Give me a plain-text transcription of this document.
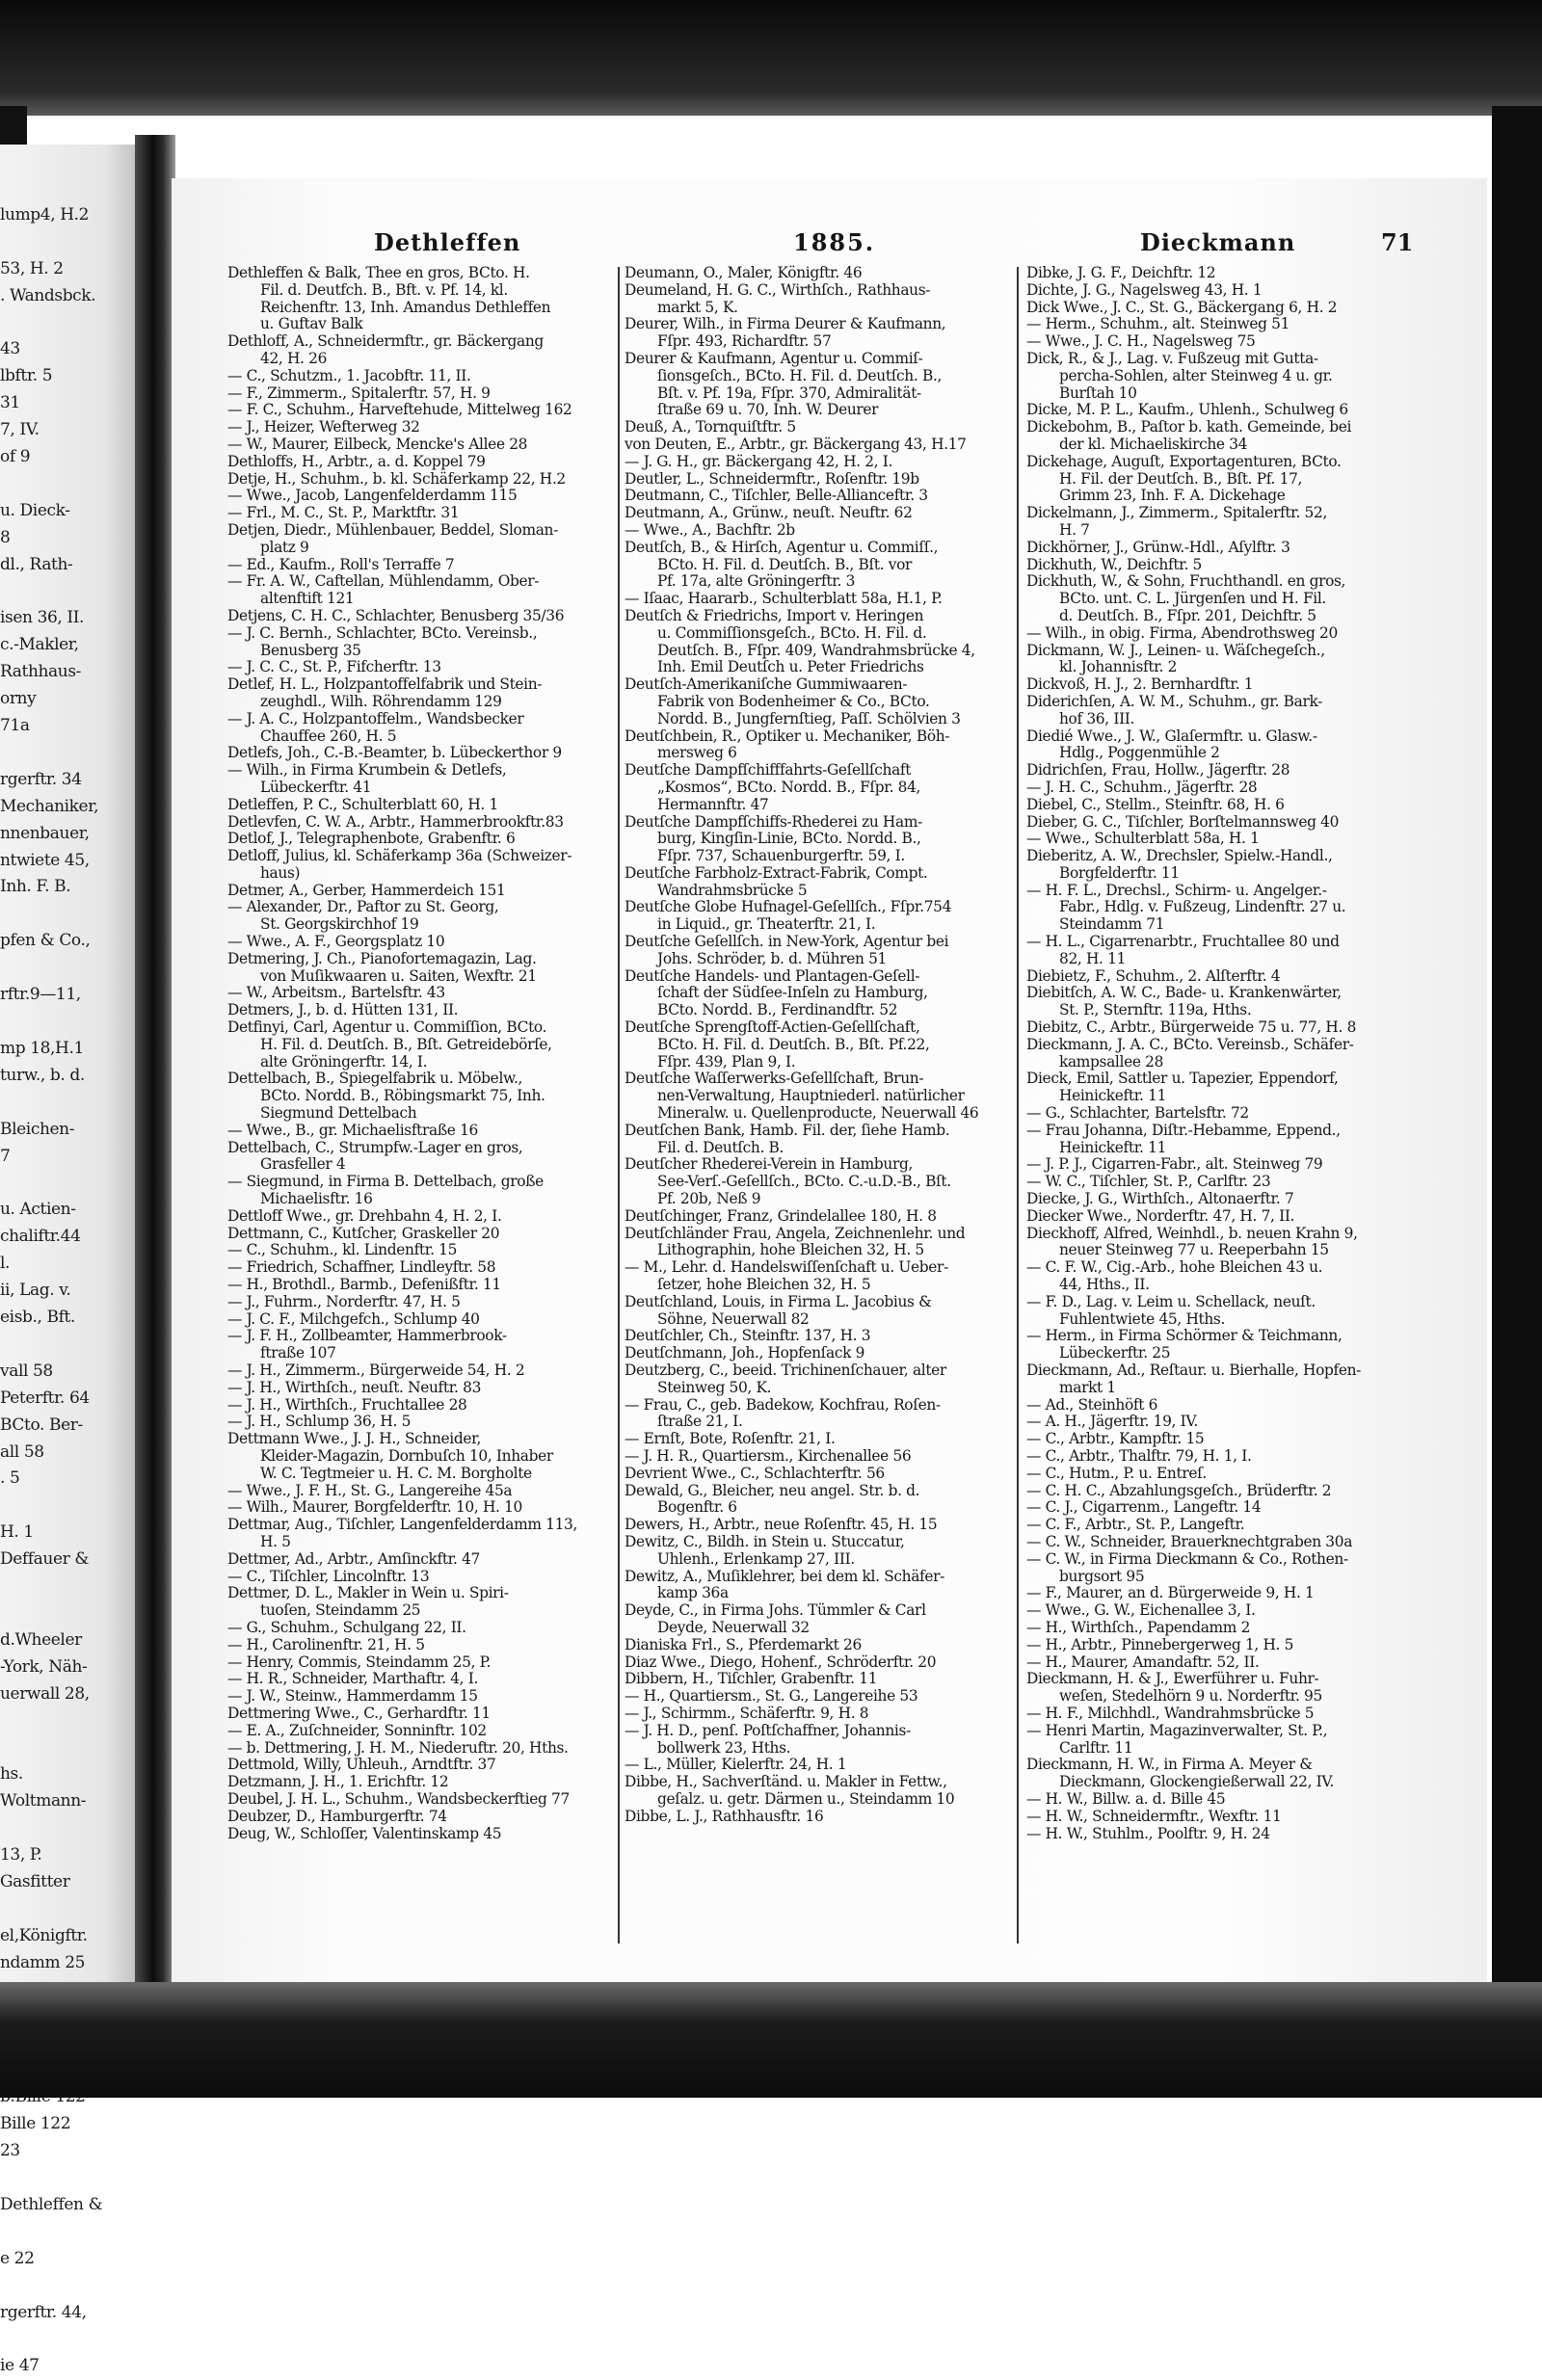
lump4, H.2

53, H. 2
. Wandsbck.

43
lbftr. 5
31
7, IV.
of 9

u. Dieck-
8
dl., Rath-

isen 36, II.
c.-Makler,
Rathhaus-
orny
71a

rgerftr. 34
Mechaniker,
nnenbauer,
ntwiete 45,
Inh. F. B.

pfen & Co.,

rftr.9—11,

mp 18,H.1
turw., b. d.

Bleichen-
7

u. Actien-
chaliftr.44
l.
ii, Lag. v.
eisb., Bft.

vall 58
Peterftr. 64
BCto. Ber-
all 58
. 5

H. 1
Deffauer &

d.Wheeler
-York, Näh-
uerwall 28,

hs.
Woltmann-

13, P.
Gasfitter

el,Königftr.
ndamm 25

Bille 122
23

Dethleffen &

e 22

rgerftr. 44,

ie 47
Dethleffen	1885.	Dieckmann	71
Dethleffen & Balk, Thee en gros, BCto. H.
Fil. d. Deutfch. B., Bft. v. Pf. 14, kl.
Reichenftr. 13, Inh. Amandus Dethleffen
u. Guftav Balk
Dethloff, A., Schneidermftr., gr. Bäckergang
42, H. 26
— C., Schutzm., 1. Jacobftr. 11, II.
— F., Zimmerm., Spitalerftr. 57, H. 9
— F. C., Schuhm., Harveftehude, Mittelweg 162
— J., Heizer, Wefterweg 32
— W., Maurer, Eilbeck, Mencke's Allee 28
Dethloffs, H., Arbtr., a. d. Koppel 79
Detje, H., Schuhm., b. kl. Schäferkamp 22, H.2
— Wwe., Jacob, Langenfelderdamm 115
— Frl., M. C., St. P., Marktftr. 31
Detjen, Diedr., Mühlenbauer, Beddel, Sloman-
platz 9
— Ed., Kaufm., Roll's Terraffe 7
— Fr. A. W., Caftellan, Mühlendamm, Ober-
altenftift 121
Detjens, C. H. C., Schlachter, Benusberg 35/36
— J. C. Bernh., Schlachter, BCto. Vereinsb.,
Benusberg 35
— J. C. C., St. P., Fifcherftr. 13
Detlef, H. L., Holzpantoffelfabrik und Stein-
zeughdl., Wilh. Röhrendamm 129
— J. A. C., Holzpantoffelm., Wandsbecker
Chauffee 260, H. 5
Detlefs, Joh., C.-B.-Beamter, b. Lübeckerthor 9
— Wilh., in Firma Krumbein & Detlefs,
Lübeckerftr. 41
Detleffen, P. C., Schulterblatt 60, H. 1
Detlevfen, C. W. A., Arbtr., Hammerbrookftr.83
Detlof, J., Telegraphenbote, Grabenftr. 6
Detloff, Julius, kl. Schäferkamp 36a (Schweizer-
haus)
Detmer, A., Gerber, Hammerdeich 151
— Alexander, Dr., Paftor zu St. Georg,
St. Georgskirchhof 19
— Wwe., A. F., Georgsplatz 10
Detmering, J. Ch., Pianofortemagazin, Lag.
von Muſikwaaren u. Saiten, Wexftr. 21
— W., Arbeitsm., Bartelsftr. 43
Detmers, J., b. d. Hütten 131, II.
Detfinyi, Carl, Agentur u. Commiſſion, BCto.
H. Fil. d. Deutſch. B., Bſt. Getreidebörſe,
alte Gröningerftr. 14, I.
Dettelbach, B., Spiegelfabrik u. Möbelw.,
BCto. Nordd. B., Röbingsmarkt 75, Inh.
Siegmund Dettelbach
— Wwe., B., gr. Michaelisftraße 16
Dettelbach, C., Strumpfw.-Lager en gros,
Grasfeller 4
— Siegmund, in Firma B. Dettelbach, große
Michaelisftr. 16
Dettloff Wwe., gr. Drehbahn 4, H. 2, I.
Dettmann, C., Kutſcher, Graskeller 20
— C., Schuhm., kl. Lindenftr. 15
— Friedrich, Schaffner, Lindleyftr. 58
— H., Brothdl., Barmb., Defenißftr. 11
— J., Fuhrm., Norderftr. 47, H. 5
— J. C. F., Milchgefch., Schlump 40
— J. F. H., Zollbeamter, Hammerbrook-
ftraße 107
— J. H., Zimmerm., Bürgerweide 54, H. 2
— J. H., Wirthſch., neuſt. Neuftr. 83
— J. H., Wirthſch., Fruchtallee 28
— J. H., Schlump 36, H. 5
Dettmann Wwe., J. J. H., Schneider,
Kleider-Magazin, Dornbuſch 10, Inhaber
W. C. Tegtmeier u. H. C. M. Borgholte
— Wwe., J. F. H., St. G., Langereihe 45a
— Wilh., Maurer, Borgfelderftr. 10, H. 10
Dettmar, Aug., Tiſchler, Langenfelderdamm 113,
H. 5
Dettmer, Ad., Arbtr., Amſinckftr. 47
— C., Tiſchler, Lincolnftr. 13
Dettmer, D. L., Makler in Wein u. Spiri-
tuoſen, Steindamm 25
— G., Schuhm., Schulgang 22, II.
— H., Carolinenftr. 21, H. 5
— Henry, Commis, Steindamm 25, P.
— H. R., Schneider, Marthaftr. 4, I.
— J. W., Steinw., Hammerdamm 15
Dettmering Wwe., C., Gerhardftr. 11
— E. A., Zuſchneider, Sonninftr. 102
— b. Dettmering, J. H. M., Niederuftr. 20, Hths.
Dettmold, Willy, Uhleuh., Arndtftr. 37
Detzmann, J. H., 1. Erichftr. 12
Deubel, J. H. L., Schuhm., Wandsbeckerftieg 77
Deubzer, D., Hamburgerftr. 74
Deug, W., Schloſſer, Valentinskamp 45
Deumann, O., Maler, Königftr. 46
Deumeland, H. G. C., Wirthſch., Rathhaus-
markt 5, K.
Deurer, Wilh., in Firma Deurer & Kaufmann,
Fſpr. 493, Richardftr. 57
Deurer & Kaufmann, Agentur u. Commiſ-
ſionsgeſch., BCto. H. Fil. d. Deutſch. B.,
Bſt. v. Pf. 19a, Fſpr. 370, Admiralität-
ſtraße 69 u. 70, Inh. W. Deurer
Deuß, A., Tornquiſtftr. 5
von Deuten, E., Arbtr., gr. Bäckergang 43, H.17
— J. G. H., gr. Bäckergang 42, H. 2, I.
Deutler, L., Schneidermftr., Roſenftr. 19b
Deutmann, C., Tiſchler, Belle-Allianceftr. 3
Deutmann, A., Grünw., neuſt. Neuftr. 62
— Wwe., A., Bachftr. 2b
Deutſch, B., & Hirſch, Agentur u. Commiſſ.,
BCto. H. Fil. d. Deutſch. B., Bſt. vor
Pf. 17a, alte Gröningerftr. 3
— Iſaac, Haararb., Schulterblatt 58a, H.1, P.
Deutſch & Friedrichs, Import v. Heringen
u. Commiſſionsgeſch., BCto. H. Fil. d.
Deutſch. B., Fſpr. 409, Wandrahmsbrücke 4,
Inh. Emil Deutſch u. Peter Friedrichs
Deutſch-Amerikaniſche Gummiwaaren-
Fabrik von Bodenheimer & Co., BCto.
Nordd. B., Jungfernſtieg, Paſſ. Schölvien 3
Deutſchbein, R., Optiker u. Mechaniker, Böh-
mersweg 6
Deutſche Dampfſchifffahrts-Geſellſchaft
„Kosmos“, BCto. Nordd. B., Fſpr. 84,
Hermannftr. 47
Deutſche Dampfſchiffs-Rhederei zu Ham-
burg, Kingſin-Linie, BCto. Nordd. B.,
Fſpr. 737, Schauenburgerftr. 59, I.
Deutſche Farbholz-Extract-Fabrik, Compt.
Wandrahmsbrücke 5
Deutſche Globe Hufnagel-Geſellſch., Fſpr.754
in Liquid., gr. Theaterftr. 21, I.
Deutſche Geſellſch. in New-York, Agentur bei
Johs. Schröder, b. d. Mühren 51
Deutſche Handels- und Plantagen-Geſell-
ſchaft der Südſee-Inſeln zu Hamburg,
BCto. Nordd. B., Ferdinandftr. 52
Deutſche Sprengſtoff-Actien-Geſellſchaft,
BCto. H. Fil. d. Deutſch. B., Bſt. Pf.22,
Fſpr. 439, Plan 9, I.
Deutſche Waſſerwerks-Geſellſchaft, Brun-
nen-Verwaltung, Hauptniederl. natürlicher
Mineralw. u. Quellenproducte, Neuerwall 46
Deutſchen Bank, Hamb. Fil. der, ſiehe Hamb.
Fil. d. Deutſch. B.
Deutſcher Rhederei-Verein in Hamburg,
See-Verſ.-Geſellſch., BCto. C.-u.D.-B., Bſt.
Pf. 20b, Neß 9
Deutſchinger, Franz, Grindelallee 180, H. 8
Deutſchländer Frau, Angela, Zeichnenlehr. und
Lithographin, hohe Bleichen 32, H. 5
— M., Lehr. d. Handelswiſſenſchaft u. Ueber-
ſetzer, hohe Bleichen 32, H. 5
Deutſchland, Louis, in Firma L. Jacobius &
Söhne, Neuerwall 82
Deutſchler, Ch., Steinftr. 137, H. 3
Deutſchmann, Joh., Hopfenſack 9
Deutzberg, C., beeid. Trichinenſchauer, alter
Steinweg 50, K.
— Frau, C., geb. Badekow, Kochfrau, Roſen-
ſtraße 21, I.
— Ernſt, Bote, Roſenftr. 21, I.
— J. H. R., Quartiersm., Kirchenallee 56
Devrient Wwe., C., Schlachterftr. 56
Dewald, G., Bleicher, neu angel. Str. b. d.
Bogenftr. 6
Dewers, H., Arbtr., neue Roſenftr. 45, H. 15
Dewitz, C., Bildh. in Stein u. Stuccatur,
Uhlenh., Erlenkamp 27, III.
Dewitz, A., Muſiklehrer, bei dem kl. Schäfer-
kamp 36a
Deyde, C., in Firma Johs. Tümmler & Carl
Deyde, Neuerwall 32
Dianiska Frl., S., Pferdemarkt 26
Diaz Wwe., Diego, Hohenf., Schröderftr. 20
Dibbern, H., Tiſchler, Grabenftr. 11
— H., Quartiersm., St. G., Langereihe 53
— J., Schirmm., Schäferftr. 9, H. 8
— J. H. D., penſ. Poſtſchaffner, Johannis-
bollwerk 23, Hths.
— L., Müller, Kielerftr. 24, H. 1
Dibbe, H., Sachverſtänd. u. Makler in Fettw.,
geſalz. u. getr. Därmen u., Steindamm 10
Dibbe, L. J., Rathhausftr. 16
Dibke, J. G. F., Deichftr. 12
Dichte, J. G., Nagelsweg 43, H. 1
Dick Wwe., J. C., St. G., Bäckergang 6, H. 2
— Herm., Schuhm., alt. Steinweg 51
— Wwe., J. C. H., Nagelsweg 75
Dick, R., & J., Lag. v. Fußzeug mit Gutta-
percha-Sohlen, alter Steinweg 4 u. gr.
Burſtah 10
Dicke, M. P. L., Kaufm., Uhlenh., Schulweg 6
Dickebohm, B., Paſtor b. kath. Gemeinde, bei
der kl. Michaeliskirche 34
Dickehage, Auguſt, Exportagenturen, BCto.
H. Fil. der Deutſch. B., Bſt. Pf. 17,
Grimm 23, Inh. F. A. Dickehage
Dickelmann, J., Zimmerm., Spitalerftr. 52,
H. 7
Dickhörner, J., Grünw.-Hdl., Aſylftr. 3
Dickhuth, W., Deichftr. 5
Dickhuth, W., & Sohn, Fruchthandl. en gros,
BCto. unt. C. L. Jürgenſen und H. Fil.
d. Deutſch. B., Fſpr. 201, Deichftr. 5
— Wilh., in obig. Firma, Abendrothsweg 20
Dickmann, W. J., Leinen- u. Wäſchegeſch.,
kl. Johannisftr. 2
Dickvoß, H. J., 2. Bernhardftr. 1
Diderichſen, A. W. M., Schuhm., gr. Bark-
hof 36, III.
Diedié Wwe., J. W., Glaſermftr. u. Glasw.-
Hdlg., Poggenmühle 2
Didrichſen, Frau, Hollw., Jägerftr. 28
— J. H. C., Schuhm., Jägerftr. 28
Diebel, C., Stellm., Steinftr. 68, H. 6
Dieber, G. C., Tiſchler, Borſtelmannsweg 40
— Wwe., Schulterblatt 58a, H. 1
Dieberitz, A. W., Drechsler, Spielw.-Handl.,
Borgfelderftr. 11
— H. F. L., Drechsl., Schirm- u. Angelger.-
Fabr., Hdlg. v. Fußzeug, Lindenftr. 27 u.
Steindamm 71
— H. L., Cigarrenarbtr., Fruchtallee 80 und
82, H. 11
Diebietz, F., Schuhm., 2. Alſterftr. 4
Diebitſch, A. W. C., Bade- u. Krankenwärter,
St. P., Sternftr. 119a, Hths.
Diebitz, C., Arbtr., Bürgerweide 75 u. 77, H. 8
Dieckmann, J. A. C., BCto. Vereinsb., Schäfer-
kampsallee 28
Dieck, Emil, Sattler u. Tapezier, Eppendorf,
Heinickeftr. 11
— G., Schlachter, Bartelsftr. 72
— Frau Johanna, Diſtr.-Hebamme, Eppend.,
Heinickeftr. 11
— J. P. J., Cigarren-Fabr., alt. Steinweg 79
— W. C., Tiſchler, St. P., Carlftr. 23
Diecke, J. G., Wirthſch., Altonaerftr. 7
Diecker Wwe., Norderftr. 47, H. 7, II.
Dieckhoff, Alfred, Weinhdl., b. neuen Krahn 9,
neuer Steinweg 77 u. Reeperbahn 15
— C. F. W., Cig.-Arb., hohe Bleichen 43 u.
44, Hths., II.
— F. D., Lag. v. Leim u. Schellack, neuſt.
Fuhlentwiete 45, Hths.
— Herm., in Firma Schörmer & Teichmann,
Lübeckerftr. 25
Dieckmann, Ad., Reſtaur. u. Bierhalle, Hopfen-
markt 1
— Ad., Steinhöft 6
— A. H., Jägerftr. 19, IV.
— C., Arbtr., Kampftr. 15
— C., Arbtr., Thalftr. 79, H. 1, I.
— C., Hutm., P. u. Entreſ.
— C. H. C., Abzahlungsgeſch., Brüderftr. 2
— C. J., Cigarrenm., Langeftr. 14
— C. F., Arbtr., St. P., Langeftr.
— C. W., Schneider, Brauerknechtgraben 30a
— C. W., in Firma Dieckmann & Co., Rothen-
burgsort 95
— F., Maurer, an d. Bürgerweide 9, H. 1
— Wwe., G. W., Eichenallee 3, I.
— H., Wirthſch., Papendamm 2
— H., Arbtr., Pinnebergerweg 1, H. 5
— H., Maurer, Amandaftr. 52, II.
Dieckmann, H. & J., Ewerführer u. Fuhr-
weſen, Stedelhörn 9 u. Norderftr. 95
— H. F., Milchhdl., Wandrahmsbrücke 5
— Henri Martin, Magazinverwalter, St. P.,
Carlftr. 11
Dieckmann, H. W., in Firma A. Meyer &
Dieckmann, Glockengießerwall 22, IV.
— H. W., Billw. a. d. Bille 45
— H. W., Schneidermftr., Wexftr. 11
— H. W., Stuhlm., Poolftr. 9, H. 24
